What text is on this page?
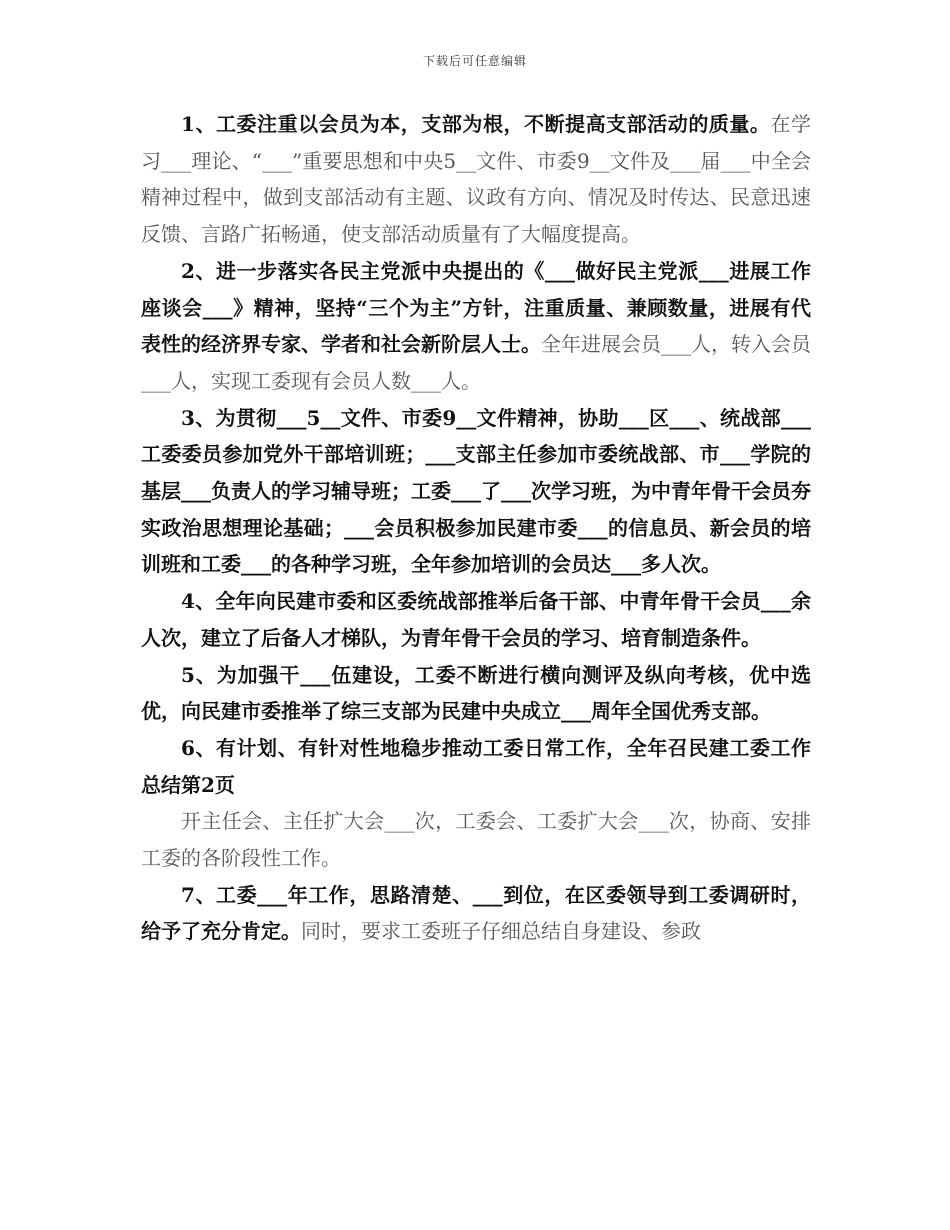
下载后可任意编辑

1、工委注重以会员为本，支部为根，不断提高支部活动的质量。在学习___理论、“___”重要思想和中央5__文件、市委9__文件及___届___中全会精神过程中，做到支部活动有主题、议政有方向、情况及时传达、民意迅速反馈、言路广拓畅通，使支部活动质量有了大幅度提高。

2、进一步落实各民主党派中央提出的《___做好民主党派___进展工作座谈会___》精神，坚持“三个为主”方针，注重质量、兼顾数量，进展有代表性的经济界专家、学者和社会新阶层人士。全年进展会员___人，转入会员___人，实现工委现有会员人数___人。

3、为贯彻___5__文件、市委9__文件精神，协助___区___、统战部___工委委员参加党外干部培训班；___支部主任参加市委统战部、市___学院的基层___负责人的学习辅导班；工委___了___次学习班，为中青年骨干会员夯实政治思想理论基础；___会员积极参加民建市委___的信息员、新会员的培训班和工委___的各种学习班，全年参加培训的会员达___多人次。

4、全年向民建市委和区委统战部推举后备干部、中青年骨干会员___余人次，建立了后备人才梯队，为青年骨干会员的学习、培育制造条件。

5、为加强干___伍建设，工委不断进行横向测评及纵向考核，优中选优，向民建市委推举了综三支部为民建中央成立___周年全国优秀支部。

6、有计划、有针对性地稳步推动工委日常工作，全年召民建工委工作总结第2页

开主任会、主任扩大会___次，工委会、工委扩大会___次，协商、安排工委的各阶段性工作。

7、工委___年工作，思路清楚、___到位，在区委领导到工委调研时，给予了充分肯定。同时，要求工委班子仔细总结自身建设、参政
